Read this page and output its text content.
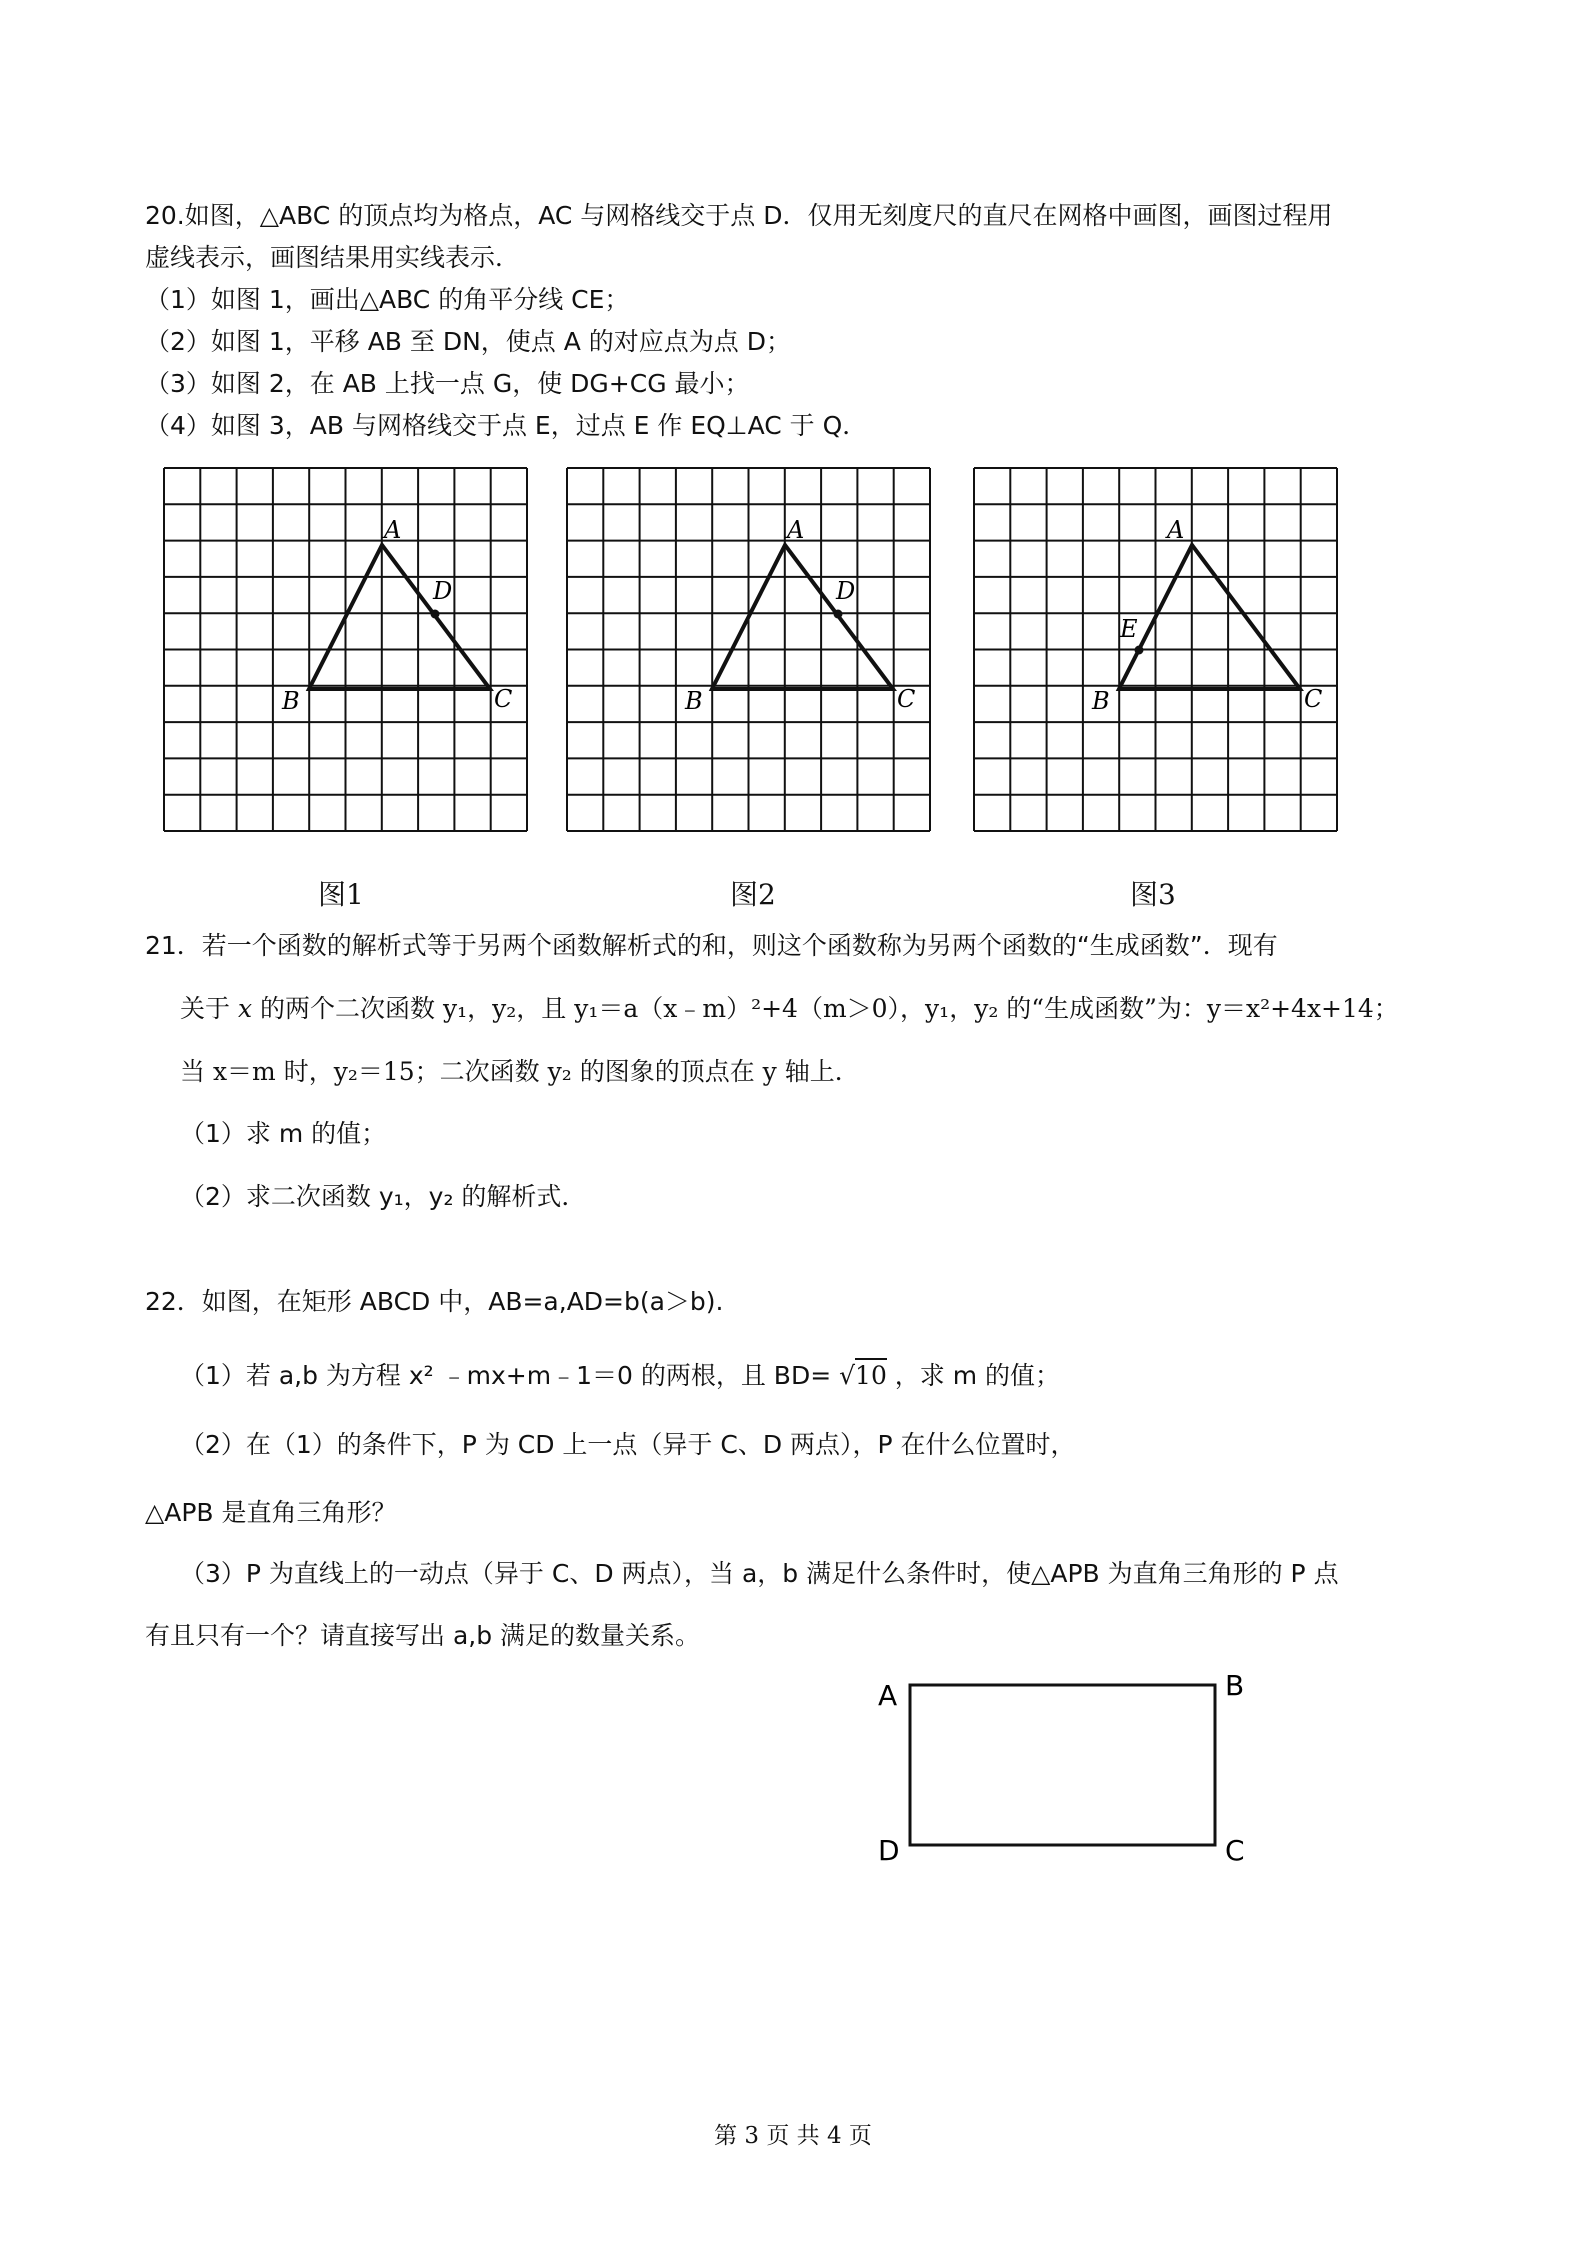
20.如图，△ABC 的顶点均为格点，AC 与网格线交于点 D．仅用无刻度尺的直尺在网格中画图，画图过程用
虚线表示，画图结果用实线表示．
（1）如图 1，画出△ABC 的角平分线 CE；
（2）如图 1，平移 AB 至 DN，使点 A 的对应点为点 D；
（3）如图 2，在 AB 上找一点 G，使 DG+CG 最小；
（4）如图 3，AB 与网格线交于点 E，过点 E 作 EQ⊥AC 于 Q．
A
B	C
D
A
B	C
D
A
B	C
E
图1	图2	图3
21．若一个函数的解析式等于另两个函数解析式的和，则这个函数称为另两个函数的“生成函数”．现有
关于 x 的两个二次函数 y₁，y₂，且 y₁＝a（x﹣m）²+4（m＞0），y₁，y₂ 的“生成函数”为：y＝x²+4x+14；
当 x＝m 时，y₂＝15；二次函数 y₂ 的图象的顶点在 y 轴上．
（1）求 m 的值；
（2）求二次函数 y₁，y₂ 的解析式．
22．如图，在矩形 ABCD 中，AB=a,AD=b(a＞b).
（1）若 a,b 为方程 x² ﹣mx+m﹣1＝0 的两根，且 BD= √10 ，求 m 的值；
（2）在（1）的条件下，P 为 CD 上一点（异于 C、D 两点），P 在什么位置时，
△APB 是直角三角形？
（3）P 为直线上的一动点（异于 C、D 两点），当 a，b 满足什么条件时，使△APB 为直角三角形的 P 点
有且只有一个？请直接写出 a,b 满足的数量关系。
A	B
C
D
第 3 页 共 4 页
